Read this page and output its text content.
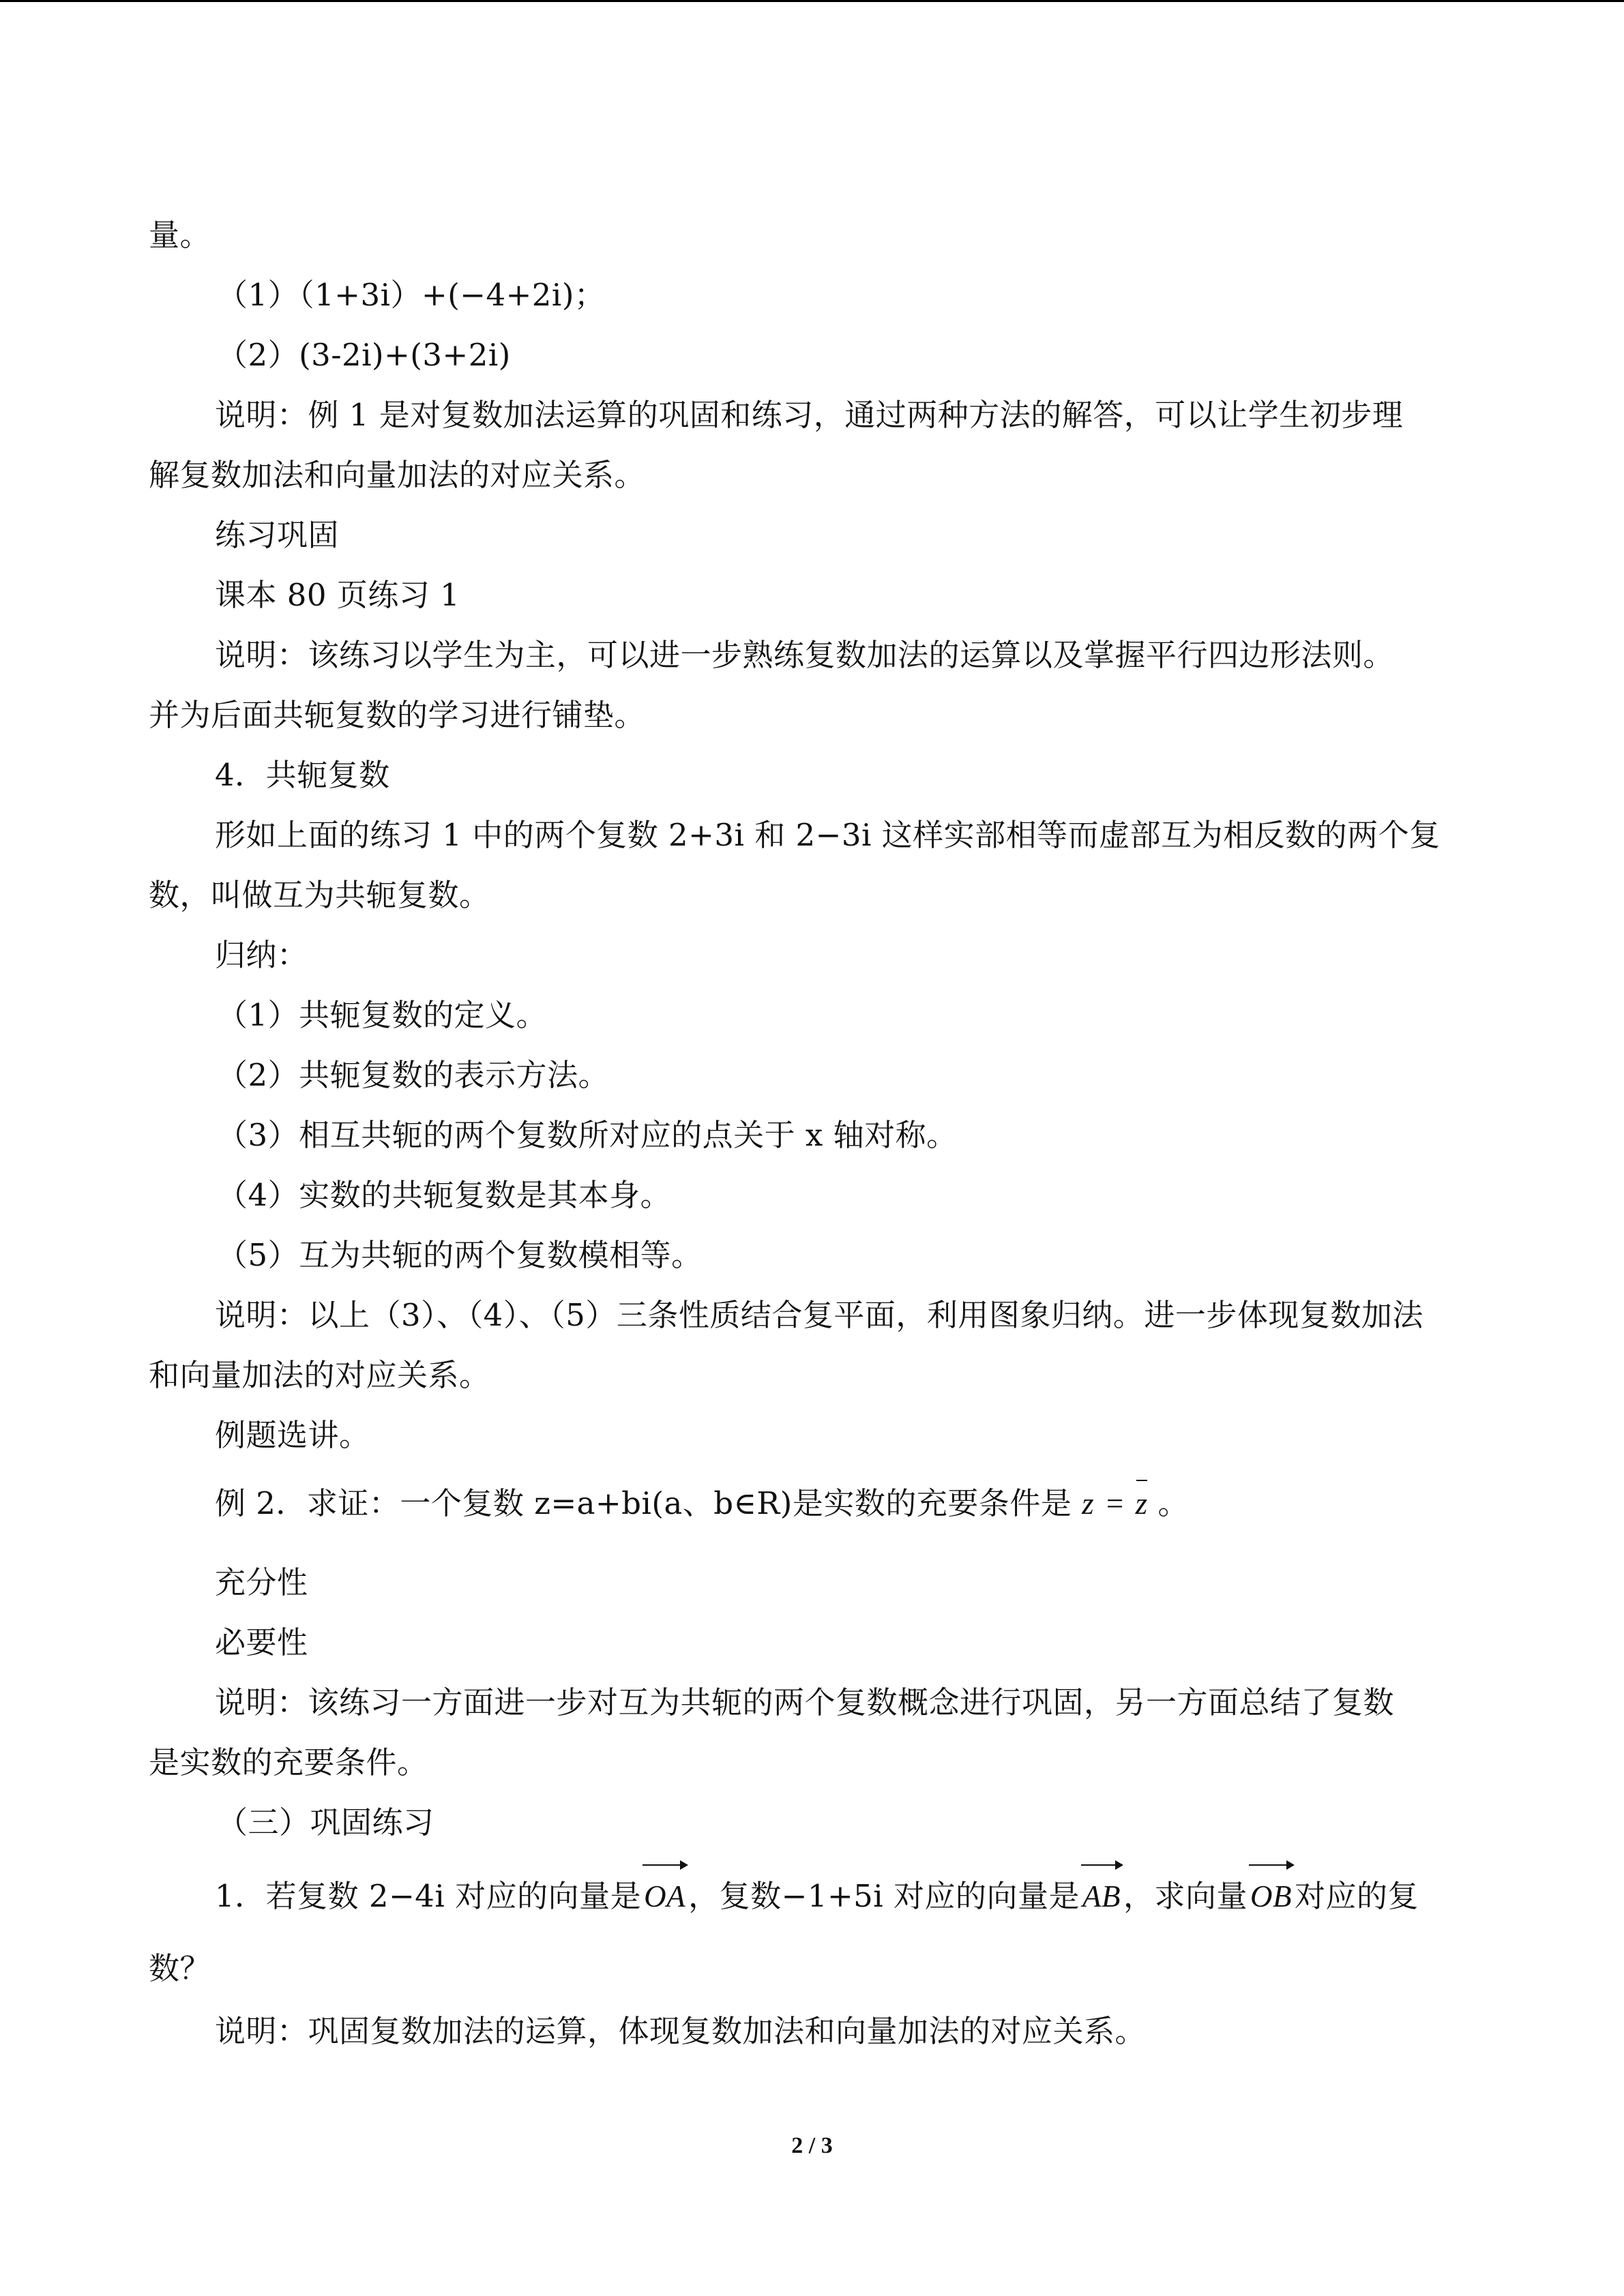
量。
（1）（1+3i）+(−4+2i)；
（2）(3-2i)+(3+2i)
说明：例 1 是对复数加法运算的巩固和练习，通过两种方法的解答，可以让学生初步理
解复数加法和向量加法的对应关系。
练习巩固
课本 80 页练习 1
说明：该练习以学生为主，可以进一步熟练复数加法的运算以及掌握平行四边形法则。
并为后面共轭复数的学习进行铺垫。
4．共轭复数
形如上面的练习 1 中的两个复数 2+3i 和 2−3i 这样实部相等而虚部互为相反数的两个复
数，叫做互为共轭复数。
归纳：
（1）共轭复数的定义。
（2）共轭复数的表示方法。
（3）相互共轭的两个复数所对应的点关于 x 轴对称。
（4）实数的共轭复数是其本身。
（5）互为共轭的两个复数模相等。
说明：以上（3）、（4）、（5）三条性质结合复平面，利用图象归纳。进一步体现复数加法
和向量加法的对应关系。
例题选讲。
例 2．求证：一个复数 z=a+bi(a、b∈R)是实数的充要条件是 z = z 。
充分性
必要性
说明：该练习一方面进一步对互为共轭的两个复数概念进行巩固，另一方面总结了复数
是实数的充要条件。
（三）巩固练习
1．若复数 2−4i 对应的向量是
OA，复数−1+5i 对应的向量是
AB，求向量
OB对应的复
数？
说明：巩固复数加法的运算，体现复数加法和向量加法的对应关系。
2 / 3
